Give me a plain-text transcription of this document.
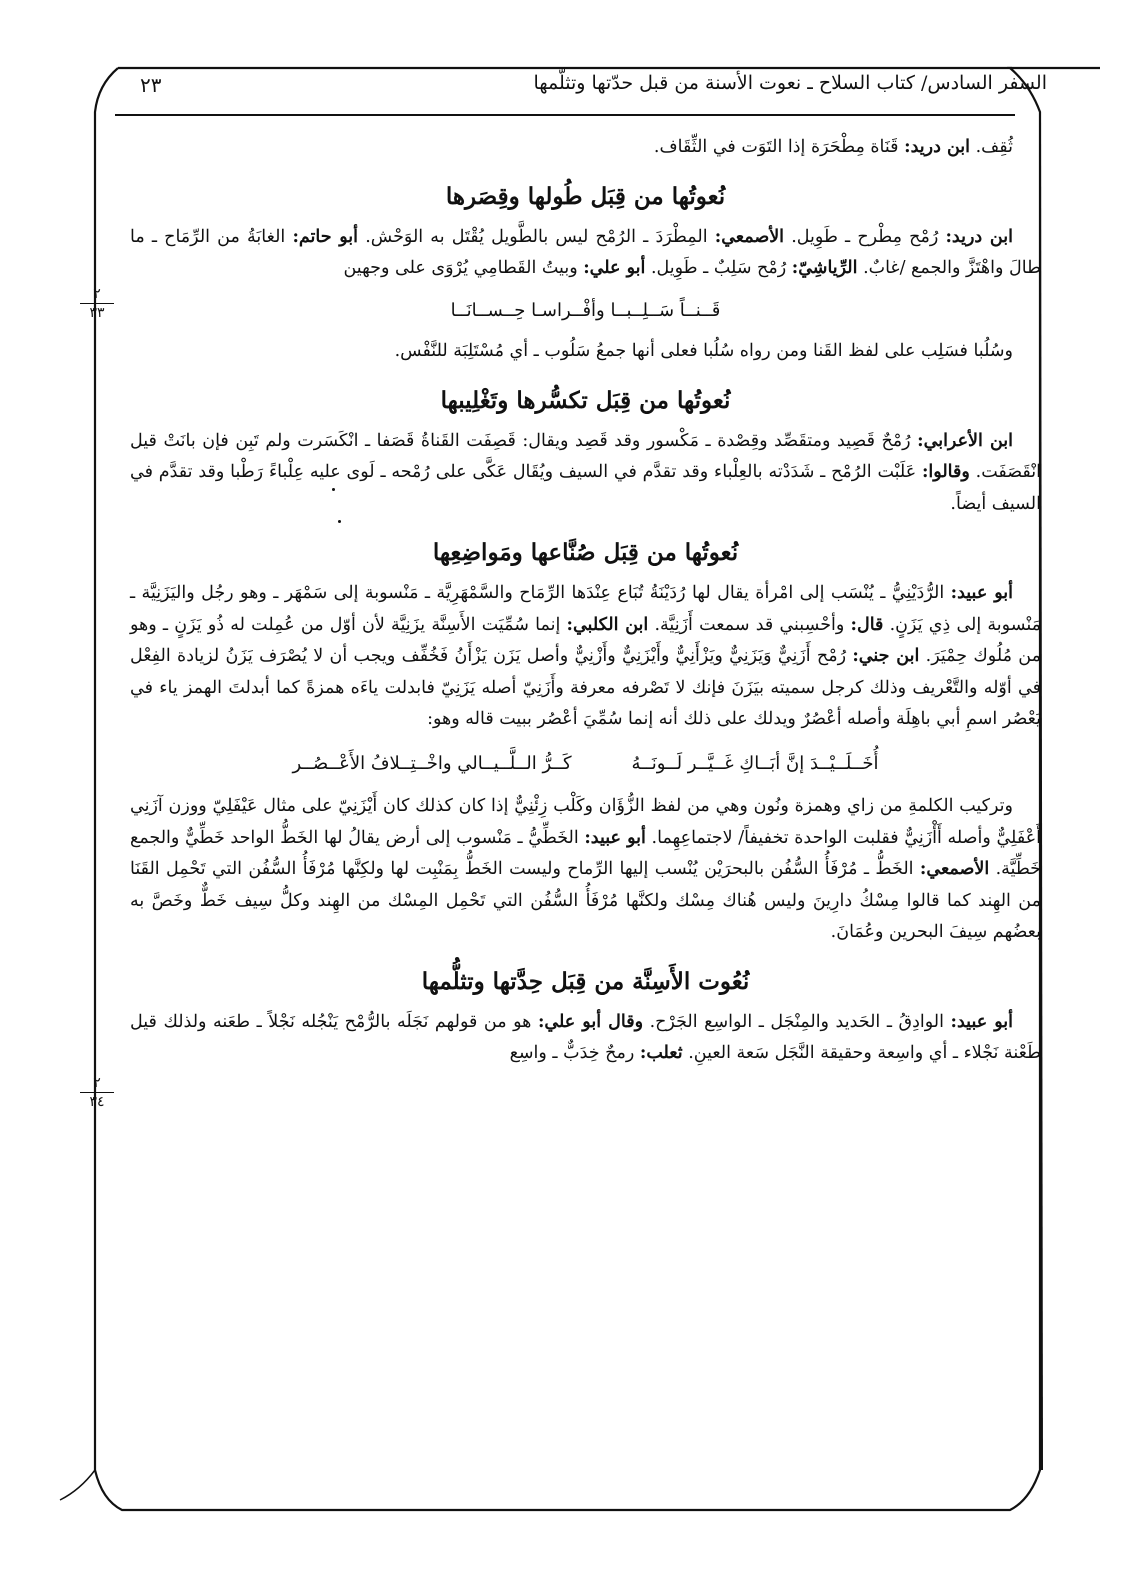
٢٣	السفر السادس/ كتاب السلاح ـ نعوت الأسنة من قبل حدّتها وتثلّمها
٢
٣٣
٢
٣٤

ثُقِف. ابن دريد: قَنَاة مِطْحَرَة إذا التَوَت في الثِّقَاف.

نُعوتُها من قِبَل طُولها وقِصَرها

ابن دريد: رُمْح مِطْرح ـ طَوِيل. الأصمعي: المِطْرَدَ ـ الرُمْح ليس بالطَّويل يُقْتَل به الوَحْش. أبو حاتم: الغابَةُ من الرِّمَاح ـ ما طالَ واهْتَزَّ والجمع /غابٌ. الرِّياشِيّ: رُمْح سَلِبٌ ـ طَوِيل. أبو علي: وبيتُ القَطامِي يُرْوَى على وجهين

قَــنــاً سَــلِــبــا وأفْــراسـا حِــســانَــا

وسُلُبا فسَلِب على لفظ القَنا ومن رواه سُلُبا فعلى أنها جمعُ سَلُوب ـ أي مُسْتَلِبَة للنَّفْس.

نُعوتُها من قِبَل تكسُّرها وتَغْلِيبها

ابن الأعرابي: رُمْحٌ قَصِيد ومتقَصِّد وقِصْدة ـ مَكْسور وقد قَصِد ويقال: قَصِفَت القَناةُ قَصَفا ـ انْكَسَرت ولم تَبِن فإن بانَتْ قيل انْقَصَفَت. وقالوا: عَلَبْت الرُمْح ـ شَدَدْته بالعِلْباء وقد تقدَّم في السيف ويُقَال عَكَّى على رُمْحه ـ لَوى عليه عِلْباءً رَطْبا وقد تقدَّم في السيف أيضاً.

نُعوتُها من قِبَل صُنَّاعها ومَواضِعِها

أبو عبيد: الرُّدَيْنِيُّ ـ يُنْسَب إلى امْرأة يقال لها رُدَيْنَةُ تُبَاع عِنْدَها الرِّمَاح والسَّمْهَرِيَّة ـ مَنْسوبة إلى سَمْهَر ـ وهو رجُل واليَزَنِيَّة ـ مَنْسوبة إلى ذِي يَزَنٍ. قال: وأحْسِبني قد سمعت أَزَنِيَّة. ابن الكلبي: إنما سُمِّيَت الأَسِنَّة يزَنِيَّة لأن أوّل من عُمِلت له ذُو يَزَنٍ ـ وهو من مُلُوك حِمْيَرَ. ابن جني: رُمْح أَزَنِيٌّ وَيَزَنِيٌّ ويَزْأَنِيٌّ وأَيْزَنِيٌّ وأَزْنِيٌّ وأصل يَزَن يَزْأَنُ فَخُفِّف ويجب أن لا يُصْرَف يَزَنُ لزيادة الفِعْل في أوّله والتَّعْريف وذلك كرجل سميته بيَزَنَ فإنك لا تَصْرفه معرفة وأَزَنِيّ أصله يَزَنِيّ فابدلت ياءَه همزةً كما أبدلتَ الهمز ياء في يَعْصُر اسمِ أبي باهِلَة وأصله أعْصُرٌ ويدلك على ذلك أنه إنما سُمِّيَ أعْصُر ببيت قاله وهو:

أُخَــلَــيْــدَ إنَّ أبَــاكِ غَــيَّــر لَــونَــهُ
كَــرُّ الــلَّــيــالي واخْــتِــلافُ الأَعْــصُــر

وتركيب الكلمةِ من زاي وهمزة ونُون وهي من لفظ الزُّؤَان وكَلْب زِئْنِيٌّ إذا كان كذلك كان أَيْزَنِيّ على مثال عَيْفَلِيّ ووزن آزَنِي أَعْفَلِيٌّ وأصله أَأْزَنِيٌّ فقلبت الواحدة تخفيفاً/ لاجتماعِهِما. أبو عبيد: الخَطِّيُّ ـ مَنْسوب إلى أرض يقالُ لها الخَطُّ الواحد خَطِّيٌّ والجمع خَطِّيَّة. الأصمعي: الخَطُّ ـ مُرْفَأُ السُّفُن بالبحرَيْن يُنْسب إليها الرِّماح وليست الخَطُّ بِمَنْبِت لها ولكِنَّها مُرْفَأُ السُّفُن التي تَحْمِل القَنَا من الهِند كما قالوا مِسْكُ دارِينَ وليس هُناك مِسْك ولكنَّها مُرْفَأُ السُّفُن التي تَحْمِل المِسْك من الهِند وكلُّ سِيف خَطٌّ وخَصَّ به بعضُهم سِيفَ البحرين وعُمَانَ.

نُعُوت الأَسِنَّة من قِبَل حِدَّتها وتثلُّمها

أبو عبيد: الوادِقُ ـ الحَديد والمِنْجَل ـ الواسِع الجَرْح. وقال أبو علي: هو من قولهم نَجَلَه بالرُّمْح يَنْجُله نَجْلاً ـ طعَنه ولذلك قيل طَعْنة نَجْلاء ـ أي واسِعة وحقيقة النَّجَل سَعة العينِ. ثعلب: رمحٌ خِدَبٌّ ـ واسِع
